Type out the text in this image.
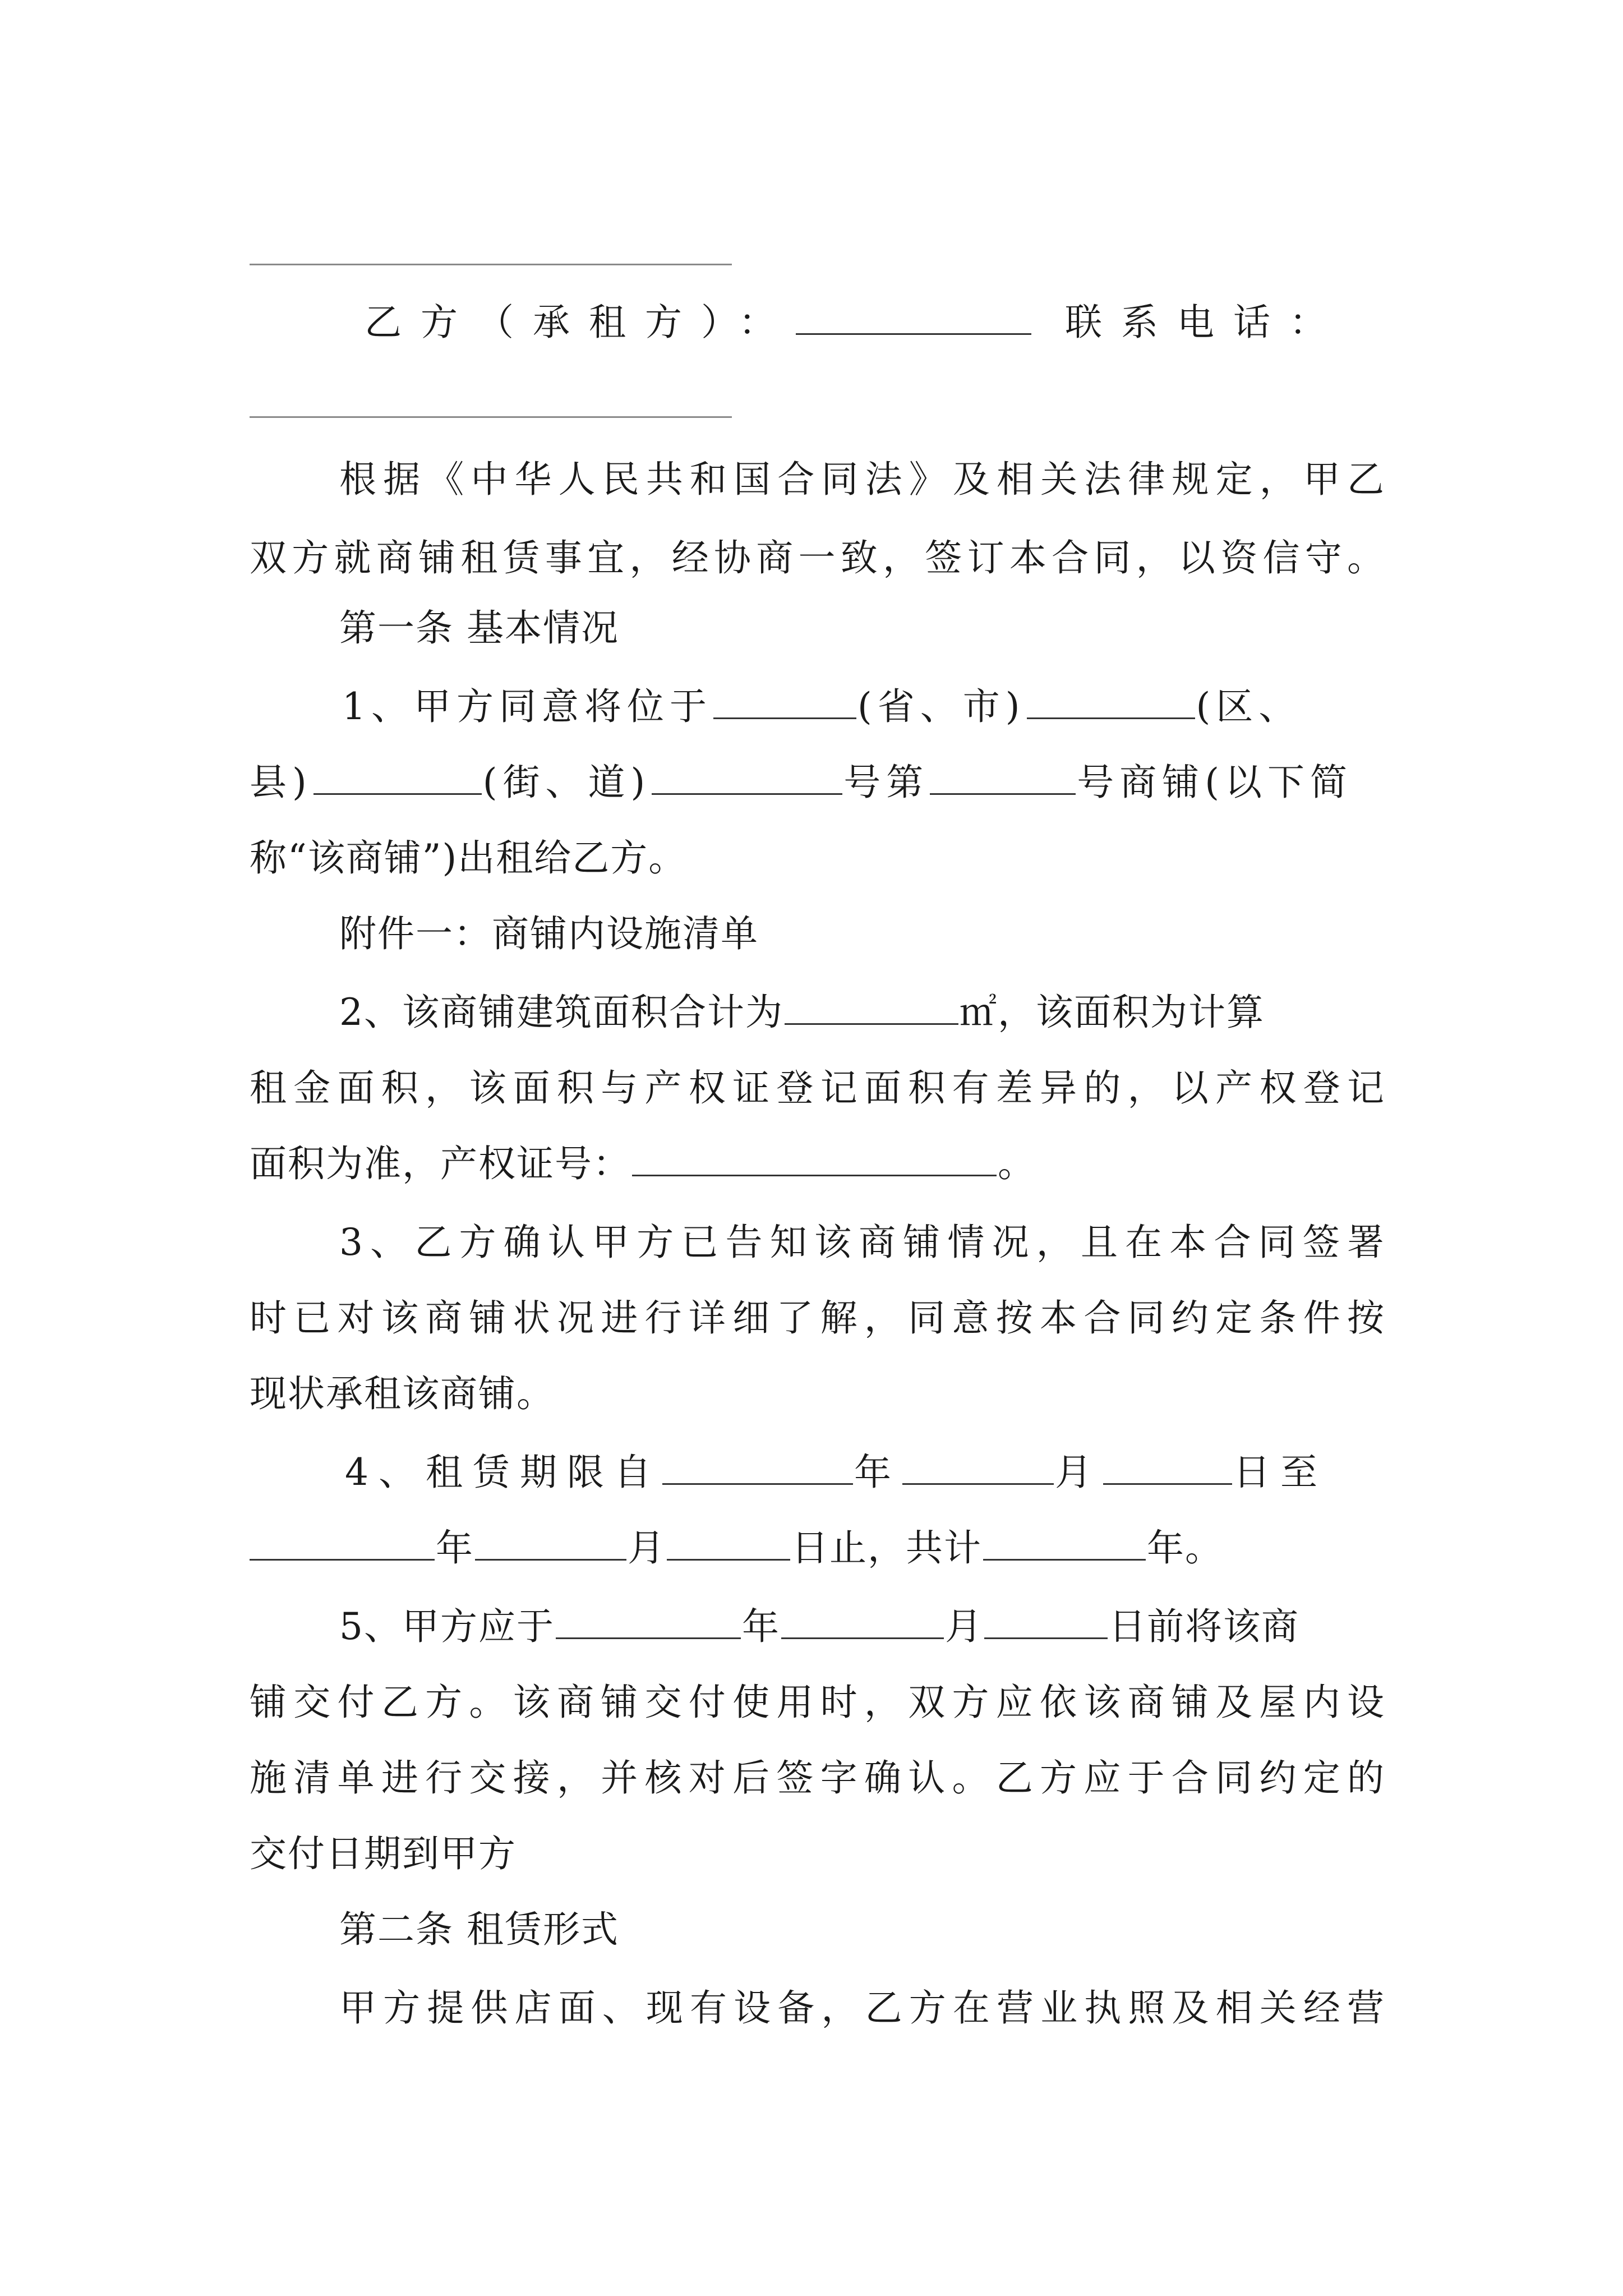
乙方（承租方）：	联系电话：
根据《中华人民共和国合同法》及相关法律规定，甲乙
双方就商铺租赁事宜，经协商一致，签订本合同，以资信守。
第一条 基本情况
1、甲方同意将位于	(省、市)	(区、
县)	(街、道)	号第	号商铺(以下简
称“该商铺”)出租给乙方。
附件一：商铺内设施清单
2、该商铺建筑面积合计为	㎡，该面积为计算
租金面积，该面积与产权证登记面积有差异的，以产权登记
面积为准，产权证号：	。
3、乙方确认甲方已告知该商铺情况，且在本合同签署
时已对该商铺状况进行详细了解，同意按本合同约定条件按
现状承租该商铺。
4、租赁期限自	年	月	日至
年	月	日止，共计	年。
5、甲方应于	年	月	日前将该商
铺交付乙方。该商铺交付使用时，双方应依该商铺及屋内设
施清单进行交接，并核对后签字确认。乙方应于合同约定的
交付日期到甲方
第二条 租赁形式
甲方提供店面、现有设备，乙方在营业执照及相关经营
